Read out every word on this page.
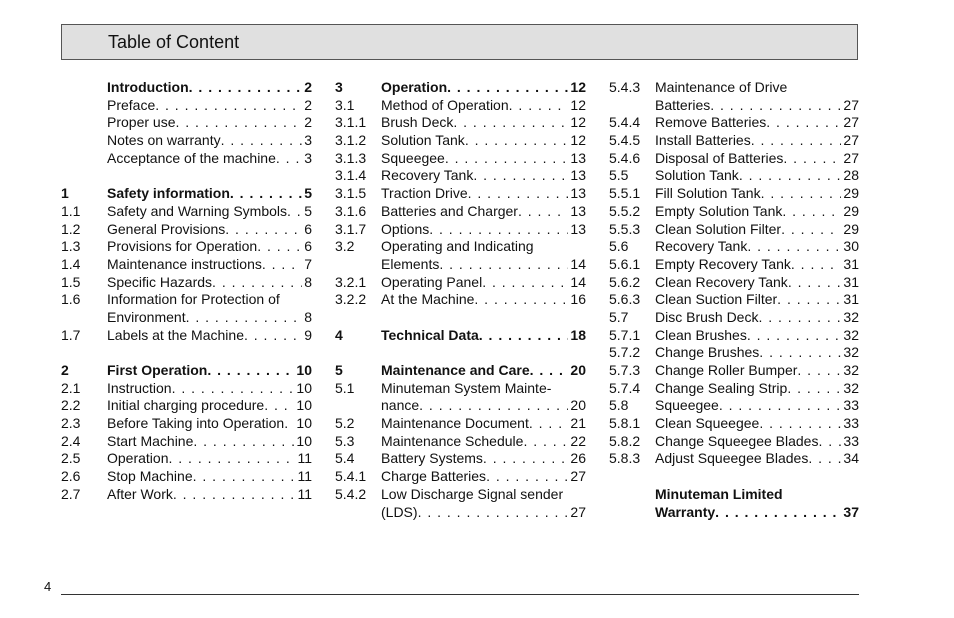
Table of Content
Introduction . . .	2
Preface . . .	2
Proper use . . .	2
Notes on warranty . . .	3
Acceptance of the machine . . . 3
1	Safety information . . .	5
1.1 Safety and Warning Symbols . . . 5
1.2 General Provisions . . .	6
1.3 Provisions for Operation . . .	6
1.4 Maintenance instructions . . .	7
1.5 Specific Hazards . . .	8
1.6 Information for Protection of
Environment . . .	8
1.7 Labels at the Machine . . .	9
2	First Operation . . .	10
2.1 Instruction . . .	10
2.2 Initial charging procedure . . . 10
2.3 Before Taking into Operation . . . 10
2.4 Start Machine . . .	10
2.5 Operation . . .	11
2.6 Stop Machine . . .	11
2.7 After Work . . .	11
3	Operation . . .	12
3.1 Method of Operation . . .	12
3.1.1 Brush Deck . . .	12
3.1.2 Solution Tank . . .	12
3.1.3 Squeegee . . .	13
3.1.4 Recovery Tank . . .	13
3.1.5 Traction Drive . . .	13
3.1.6 Batteries and Charger . . .	13
3.1.7 Options . . .	13
3.2 Operating and Indicating
Elements . . .	14
3.2.1 Operating Panel . . .	14
3.2.2 At the Machine . . .	16
4	Technical Data . . .	18
5	Maintenance and Care . . .	20
5.1 Minuteman System Mainte-
nance . . .	20
5.2 Maintenance Document . . .	21
5.3 Maintenance Schedule . . .	22
5.4 Battery Systems . . .	26
5.4.1 Charge Batteries . . .	27
5.4.2 Low Discharge Signal sender
(LDS) . . .	27
5.4.3 Maintenance of Drive
Batteries . . .	27
5.4.4 Remove Batteries . . .	27
5.4.5 Install Batteries . . .	27
5.4.6 Disposal of Batteries . . .	27
5.5 Solution Tank . . .	28
5.5.1 Fill Solution Tank . . .	29
5.5.2 Empty Solution Tank . . .	29
5.5.3 Clean Solution Filter . . .	29
5.6 Recovery Tank . . .	30
5.6.1 Empty Recovery Tank . . .	31
5.6.2 Clean Recovery Tank . . .	31
5.6.3 Clean Suction Filter . . .	31
5.7 Disc Brush Deck . . .	32
5.7.1 Clean Brushes . . .	32
5.7.2 Change Brushes . . .	32
5.7.3 Change Roller Bumper . . .	32
5.7.4 Change Sealing Strip . . .	32
5.8 Squeegee . . .	33
5.8.1 Clean Squeegee . . .	33
5.8.2 Change Squeegee Blades . . . 33
5.8.3 Adjust Squeegee Blades . . .	34
Minuteman Limited
Warranty . . .	37
4
